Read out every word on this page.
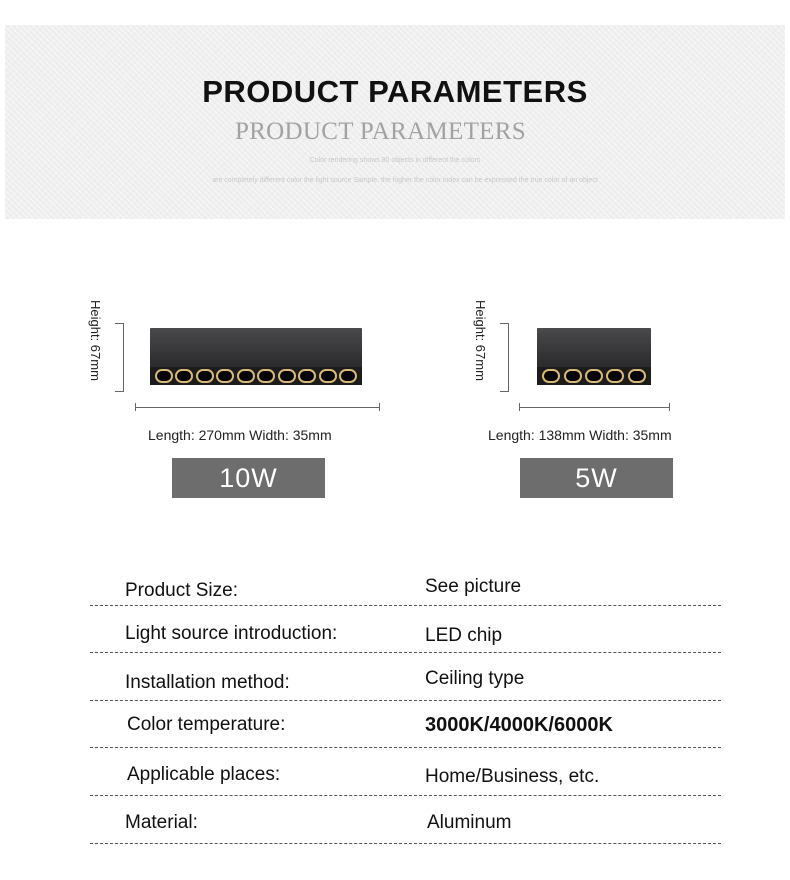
PRODUCT PARAMETERS
PRODUCT PARAMETERS
Color rendering shows 80 objects in different the colors
are completely different color the light source Sample. the higher the color index can be expressed the true color of an object
Height: 67mm
Length: 270mm Width: 35mm
10W
Height: 67mm
Length: 138mm Width: 35mm
5W
Product Size:	See picture
Light source introduction:	LED chip
Installation method:	Ceiling type
Color temperature:	3000K/4000K/6000K
Applicable places:	Home/Business, etc.
Material:	Aluminum
